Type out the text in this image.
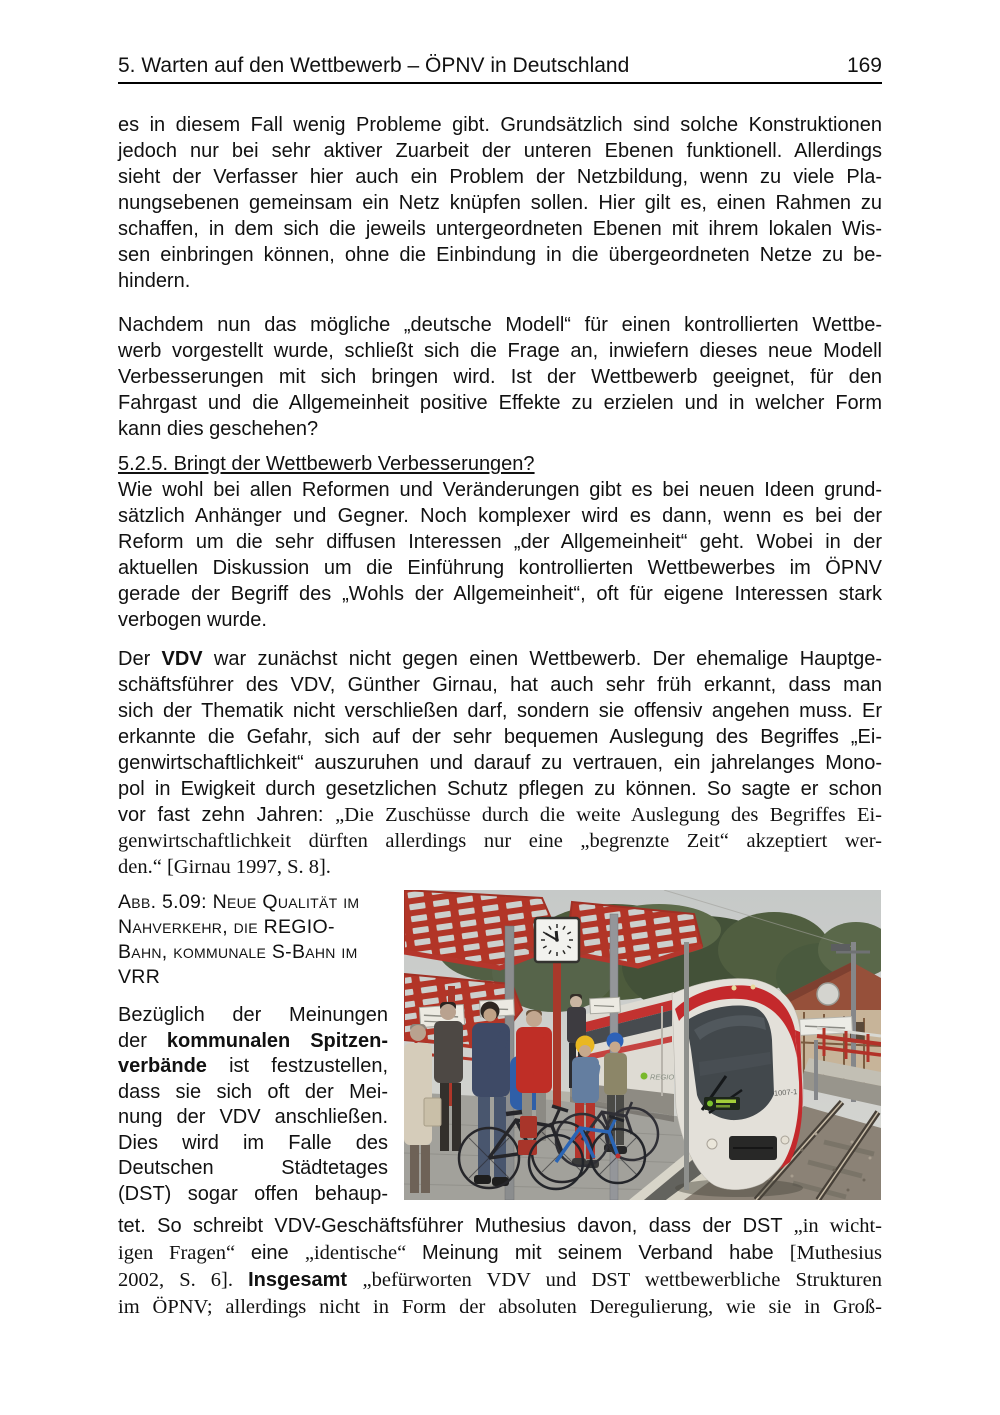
5. Warten auf den Wettbewerb – ÖPNV in Deutschland	169
es in diesem Fall wenig Probleme gibt. Grundsätzlich sind solche Konstruktionen
jedoch nur bei sehr aktiver Zuarbeit der unteren Ebenen funktionell. Allerdings
sieht der Verfasser hier auch ein Problem der Netzbildung, wenn zu viele Pla-
nungsebenen gemeinsam ein Netz knüpfen sollen. Hier gilt es, einen Rahmen zu
schaffen, in dem sich die jeweils untergeordneten Ebenen mit ihrem lokalen Wis-
sen einbringen können, ohne die Einbindung in die übergeordneten Netze zu be-
hindern.
Nachdem nun das mögliche „deutsche Modell“ für einen kontrollierten Wettbe-
werb vorgestellt wurde, schließt sich die Frage an, inwiefern dieses neue Modell
Verbesserungen mit sich bringen wird. Ist der Wettbewerb geeignet, für den
Fahrgast und die Allgemeinheit positive Effekte zu erzielen und in welcher Form
kann dies geschehen?
5.2.5. Bringt der Wettbewerb Verbesserungen?
Wie wohl bei allen Reformen und Veränderungen gibt es bei neuen Ideen grund-
sätzlich Anhänger und Gegner. Noch komplexer wird es dann, wenn es bei der
Reform um die sehr diffusen Interessen „der Allgemeinheit“ geht. Wobei in der
aktuellen Diskussion um die Einführung kontrollierten Wettbewerbes im ÖPNV
gerade der Begriff des „Wohls der Allgemeinheit“, oft für eigene Interessen stark
verbogen wurde.
Der VDV war zunächst nicht gegen einen Wettbewerb. Der ehemalige Hauptge-
schäftsführer des VDV, Günther Girnau, hat auch sehr früh erkannt, dass man
sich der Thematik nicht verschließen darf, sondern sie offensiv angehen muss. Er
erkannte die Gefahr, sich auf der sehr bequemen Auslegung des Begriffes „Ei-
genwirtschaftlichkeit“ auszuruhen und darauf zu vertrauen, ein jahrelanges Mono-
pol in Ewigkeit durch gesetzlichen Schutz pflegen zu können. So sagte er schon
vor fast zehn Jahren: „Die Zuschüsse durch die weite Auslegung des Begriffes Ei-
genwirtschaftlichkeit dürften allerdings nur eine „begrenzte Zeit“ akzeptiert wer-
den.“ [Girnau 1997, S. 8].
Abb. 5.09: Neue Qualität im
Nahverkehr, die REGIO-
Bahn, kommunale S-Bahn im
VRR
Bezüglich der Meinungen
der kommunalen Spitzen-
verbände ist festzustellen,
dass sie sich oft der Mei-
nung der VDV anschließen.
Dies wird im Falle des
Deutschen Städtetages
(DST) sogar offen behaup-
REGIO
1007-1
tet. So schreibt VDV-Geschäftsführer Muthesius davon, dass der DST „in wicht-
igen Fragen“ eine „identische“ Meinung mit seinem Verband habe [Muthesius
2002, S. 6]. Insgesamt „befürworten VDV und DST wettbewerbliche Strukturen
im ÖPNV; allerdings nicht in Form der absoluten Deregulierung, wie sie in Groß-
